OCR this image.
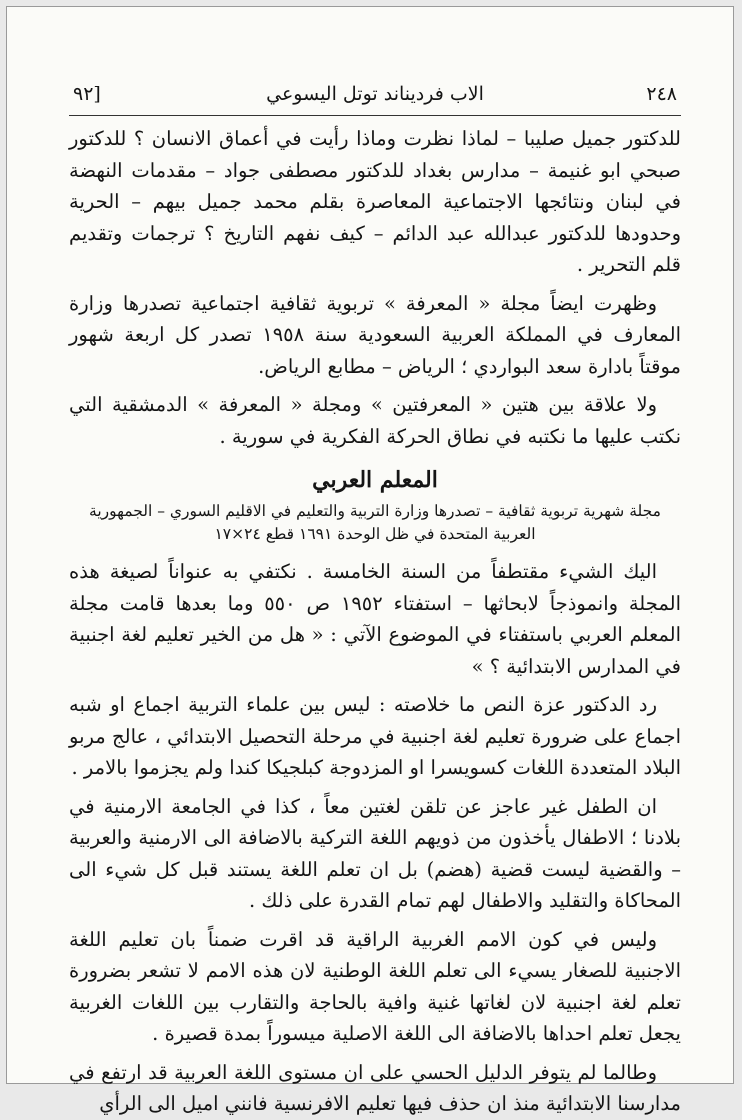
٢٤٨
الاب فرديناند توتل اليسوعي
[٩٢

للدكتور جميل صليبا – لماذا نظرت وماذا رأيت في أعماق الانسان ؟ للدكتور صبحي ابو غنيمة – مدارس بغداد للدكتور مصطفى جواد – مقدمات النهضة في لبنان ونتائجها الاجتماعية المعاصرة بقلم محمد جميل بيهم – الحرية وحدودها للدكتور عبدالله عبد الدائم – كيف نفهم التاريخ ؟ ترجمات وتقديم قلم التحرير .

وظهرت ايضاً مجلة « المعرفة » تربوية ثقافية اجتماعية تصدرها وزارة المعارف في المملكة العربية السعودية سنة ١٩٥٨ تصدر كل اربعة شهور موقتاً بادارة سعد البواردي ؛ الرياض – مطابع الرياض.

ولا علاقة بين هتين « المعرفتين » ومجلة « المعرفة » الدمشقية التي نكتب عليها ما نكتبه في نطاق الحركة الفكرية في سورية .

المعلم العربي
مجلة شهرية تربوية ثقافية – تصدرها وزارة التربية والتعليم في الاقليم السوري – الجمهورية
العربية المتحدة في ظل الوحدة ١٦٩١ قطع ٢٤×١٧

اليك الشيء مقتطفاً من السنة الخامسة . نكتفي به عنواناً لصيغة هذه المجلة وانموذجاً لابحاثها – استفتاء ١٩٥٢ ص ٥٥٠ وما بعدها قامت مجلة المعلم العربي باستفتاء في الموضوع الآتي : « هل من الخير تعليم لغة اجنبية في المدارس الابتدائية ؟ »

رد الدكتور عزة النص ما خلاصته : ليس بين علماء التربية اجماع او شبه اجماع على ضرورة تعليم لغة اجنبية في مرحلة التحصيل الابتدائي ، عالج مربو البلاد المتعددة اللغات كسويسرا او المزدوجة كبلجيكا كندا ولم يجزموا بالامر .

ان الطفل غير عاجز عن تلقن لغتين معاً ، كذا في الجامعة الارمنية في بلادنا ؛ الاطفال يأخذون من ذويهم اللغة التركية بالاضافة الى الارمنية والعربية – والقضية ليست قضية (هضم) بل ان تعلم اللغة يستند قبل كل شيء الى المحاكاة والتقليد والاطفال لهم تمام القدرة على ذلك .

وليس في كون الامم الغربية الراقية قد اقرت ضمناً بان تعليم اللغة الاجنبية للصغار يسيء الى تعلم اللغة الوطنية لان هذه الامم لا تشعر بضرورة تعلم لغة اجنبية لان لغاتها غنية وافية بالحاجة والتقارب بين اللغات الغربية يجعل تعلم احداها بالاضافة الى اللغة الاصلية ميسوراً بمدة قصيرة .

وطالما لم يتوفر الدليل الحسي على ان مستوى اللغة العربية قد ارتفع في مدارسنا الابتدائية منذ ان حذف فيها تعليم الافرنسية فانني اميل الى الرأي
